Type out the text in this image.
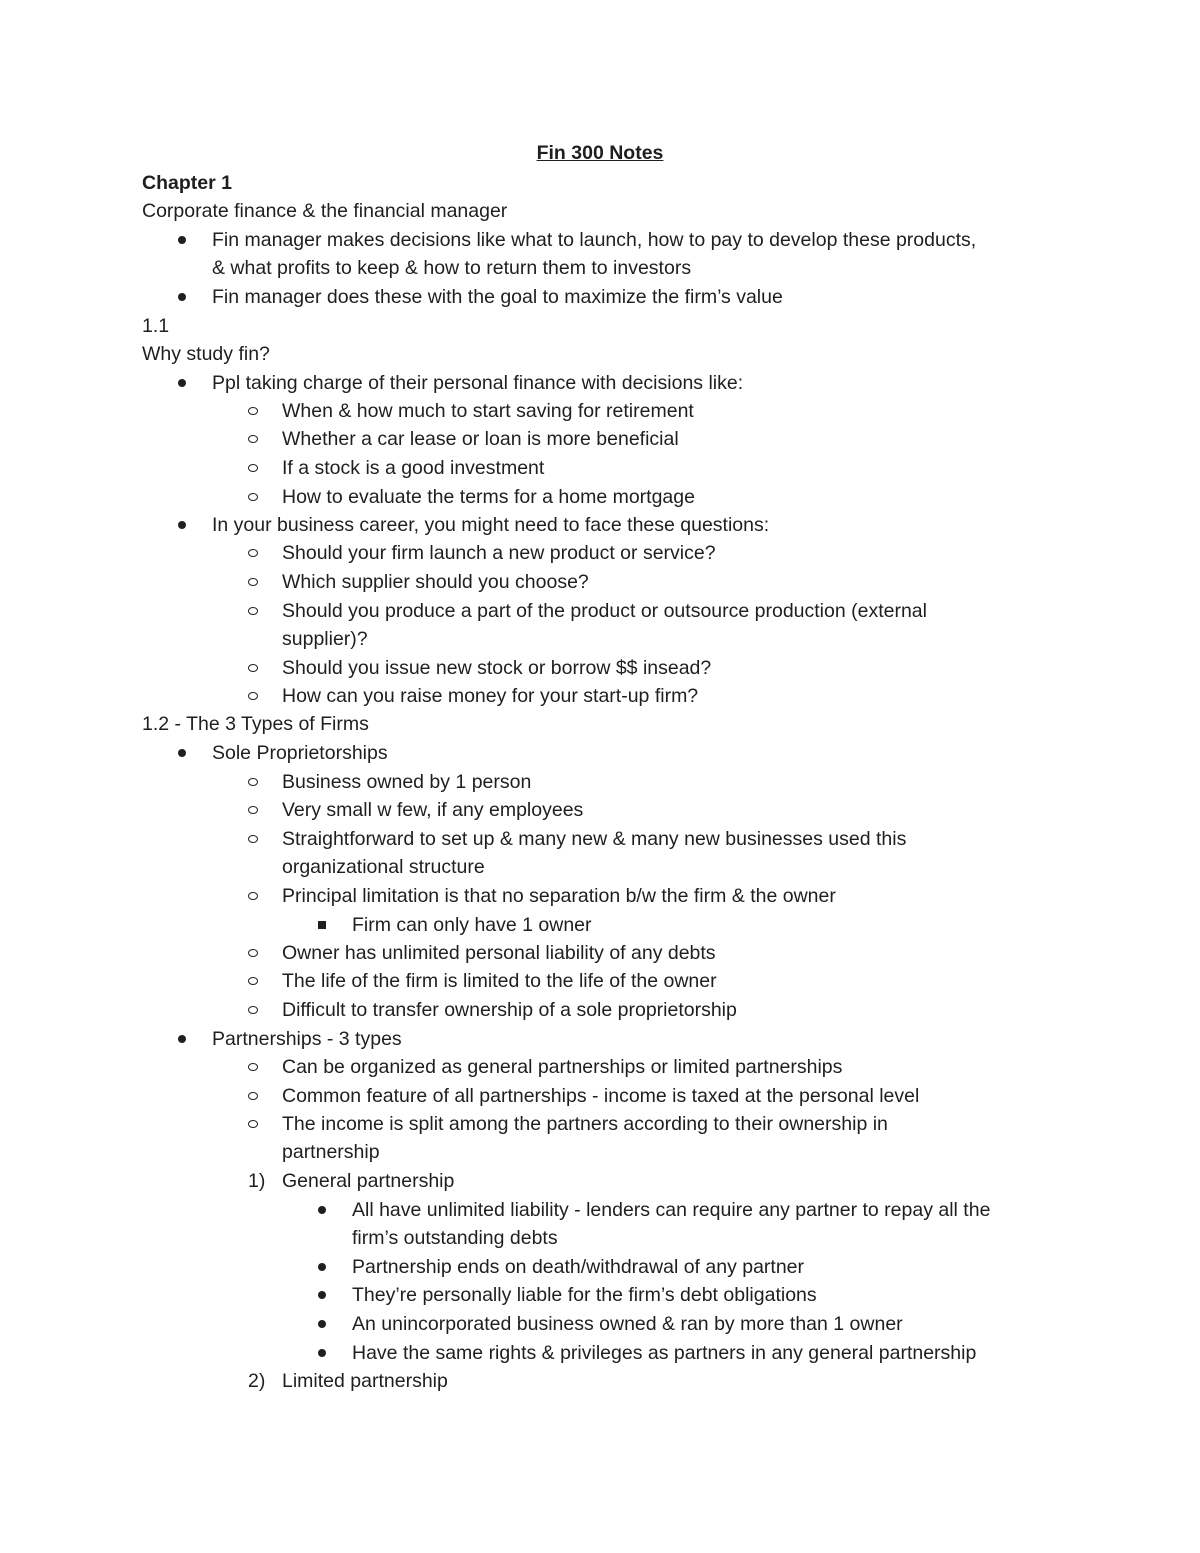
Fin 300 Notes
Chapter 1
Corporate finance & the financial manager
Fin manager makes decisions like what to launch, how to pay to develop these products,
& what profits to keep & how to return them to investors
Fin manager does these with the goal to maximize the firm’s value
1.1
Why study fin?
Ppl taking charge of their personal finance with decisions like:
When & how much to start saving for retirement
Whether a car lease or loan is more beneficial
If a stock is a good investment
How to evaluate the terms for a home mortgage
In your business career, you might need to face these questions:
Should your firm launch a new product or service?
Which supplier should you choose?
Should you produce a part of the product or outsource production (external
supplier)?
Should you issue new stock or borrow $$ insead?
How can you raise money for your start-up firm?
1.2 - The 3 Types of Firms
Sole Proprietorships
Business owned by 1 person
Very small w few, if any employees
Straightforward to set up & many new & many new businesses used this
organizational structure
Principal limitation is that no separation b/w the firm & the owner
Firm can only have 1 owner
Owner has unlimited personal liability of any debts
The life of the firm is limited to the life of the owner
Difficult to transfer ownership of a sole proprietorship
Partnerships - 3 types
Can be organized as general partnerships or limited partnerships
Common feature of all partnerships - income is taxed at the personal level
The income is split among the partners according to their ownership in
partnership
1) General partnership
All have unlimited liability - lenders can require any partner to repay all the
firm’s outstanding debts
Partnership ends on death/withdrawal of any partner
They’re personally liable for the firm’s debt obligations
An unincorporated business owned & ran by more than 1 owner
Have the same rights & privileges as partners in any general partnership
2) Limited partnership
